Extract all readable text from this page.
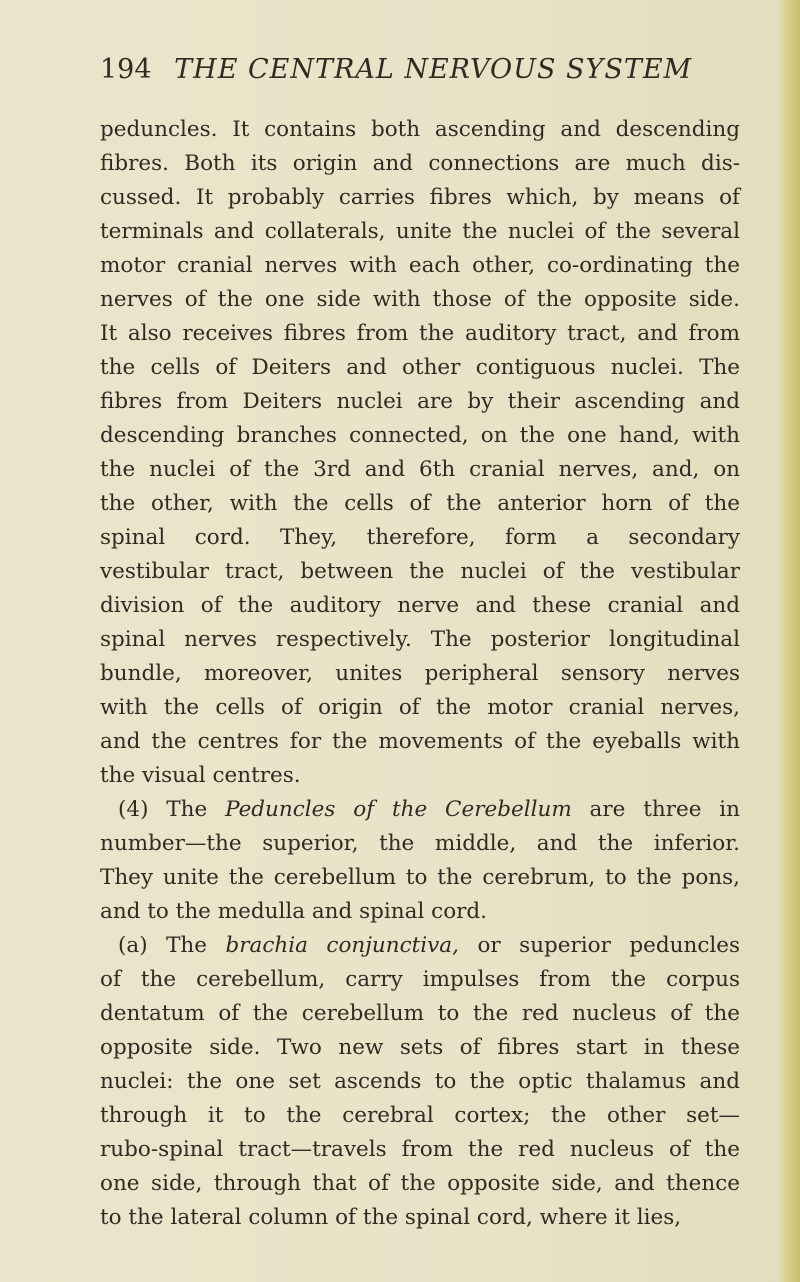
194 THE CENTRAL NERVOUS SYSTEM
peduncles. It contains both ascending and descending
fibres. Both its origin and connections are much dis-
cussed. It probably carries fibres which, by means of
terminals and collaterals, unite the nuclei of the several
motor cranial nerves with each other, co-ordinating the
nerves of the one side with those of the opposite side.
It also receives fibres from the auditory tract, and from
the cells of Deiters and other contiguous nuclei. The
fibres from Deiters nuclei are by their ascending and
descending branches connected, on the one hand, with
the nuclei of the 3rd and 6th cranial nerves, and, on
the other, with the cells of the anterior horn of the
spinal cord. They, therefore, form a secondary
vestibular tract, between the nuclei of the vestibular
division of the auditory nerve and these cranial and
spinal nerves respectively. The posterior longitudinal
bundle, moreover, unites peripheral sensory nerves
with the cells of origin of the motor cranial nerves,
and the centres for the movements of the eyeballs with
the visual centres.
(4) The Peduncles of the Cerebellum are three in
number—the superior, the middle, and the inferior.
They unite the cerebellum to the cerebrum, to the pons,
and to the medulla and spinal cord.
(a) The brachia conjunctiva, or superior peduncles
of the cerebellum, carry impulses from the corpus
dentatum of the cerebellum to the red nucleus of the
opposite side. Two new sets of fibres start in these
nuclei: the one set ascends to the optic thalamus and
through it to the cerebral cortex; the other set—
rubo-spinal tract—travels from the red nucleus of the
one side, through that of the opposite side, and thence
to the lateral column of the spinal cord, where it lies,
